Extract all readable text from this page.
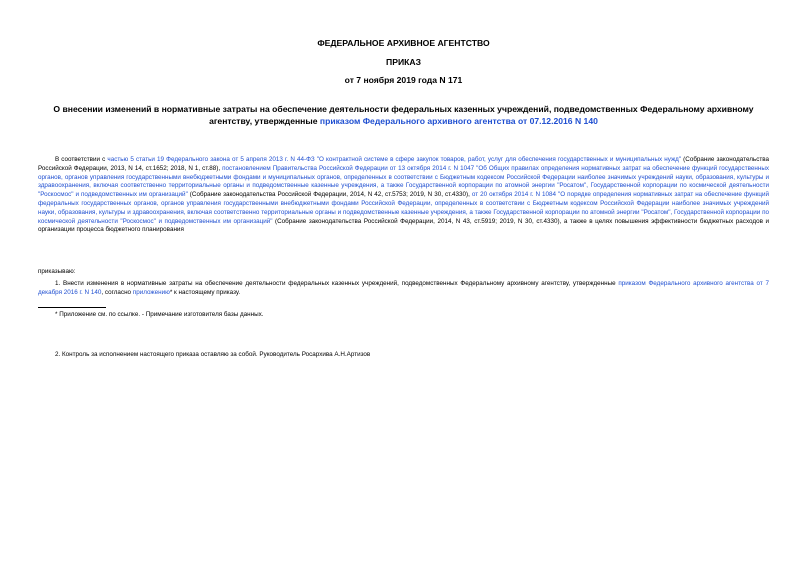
ФЕДЕРАЛЬНОЕ АРХИВНОЕ АГЕНТСТВО
ПРИКАЗ
от 7 ноября 2019 года N 171
О внесении изменений в нормативные затраты на обеспечение деятельности федеральных казенных учреждений, подведомственных Федеральному архивному агентству, утвержденные приказом Федерального архивного агентства от 07.12.2016 N 140
В соответствии с частью 5 статьи 19 Федерального закона от 5 апреля 2013 г. N 44-ФЗ "О контрактной системе в сфере закупок товаров, работ, услуг для обеспечения государственных и муниципальных нужд" (Собрание законодательства Российской Федерации, 2013, N 14, ст.1652; 2018, N 1, ст.88), постановлением Правительства Российской Федерации от 13 октября 2014 г. N 1047 "Об Общих правилах определения нормативных затрат на обеспечение функций государственных органов, органов управления государственными внебюджетными фондами и муниципальных органов, определенных в соответствии с Бюджетным кодексом Российской Федерации наиболее значимых учреждений науки, образования, культуры и здравоохранения, включая соответственно территориальные органы и подведомственные казенные учреждения, а также Государственной корпорации по атомной энергии "Росатом", Государственной корпорации по космической деятельности "Роскосмос" и подведомственных им организаций" (Собрание законодательства Российской Федерации, 2014, N 42, ст.5753; 2019, N 30, ст.4330), от 20 октября 2014 г. N 1084 "О порядке определения нормативных затрат на обеспечение функций федеральных государственных органов, органов управления государственными внебюджетными фондами Российской Федерации, определенных в соответствии с Бюджетным кодексом Российской Федерации наиболее значимых учреждений науки, образования, культуры и здравоохранения, включая соответственно территориальные органы и подведомственные казенные учреждения, а также Государственной корпорации по атомной энергии "Росатом", Государственной корпорации по космической деятельности "Роскосмос" и подведомственных им организаций" (Собрание законодательства Российской Федерации, 2014, N 43, ст.5919; 2019, N 30, ст.4330), а также в целях повышения эффективности бюджетных расходов и организации процесса бюджетного планирования
приказываю:
1. Внести изменения в нормативные затраты на обеспечение деятельности федеральных казенных учреждений, подведомственных Федеральному архивному агентству, утвержденные приказом Федерального архивного агентства от 7 декабря 2016 г. N 140, согласно приложению* к настоящему приказу.
* Приложение см. по ссылке. - Примечание изготовителя базы данных.
2. Контроль за исполнением настоящего приказа оставляю за собой. Руководитель Росархива А.Н.Артизов
